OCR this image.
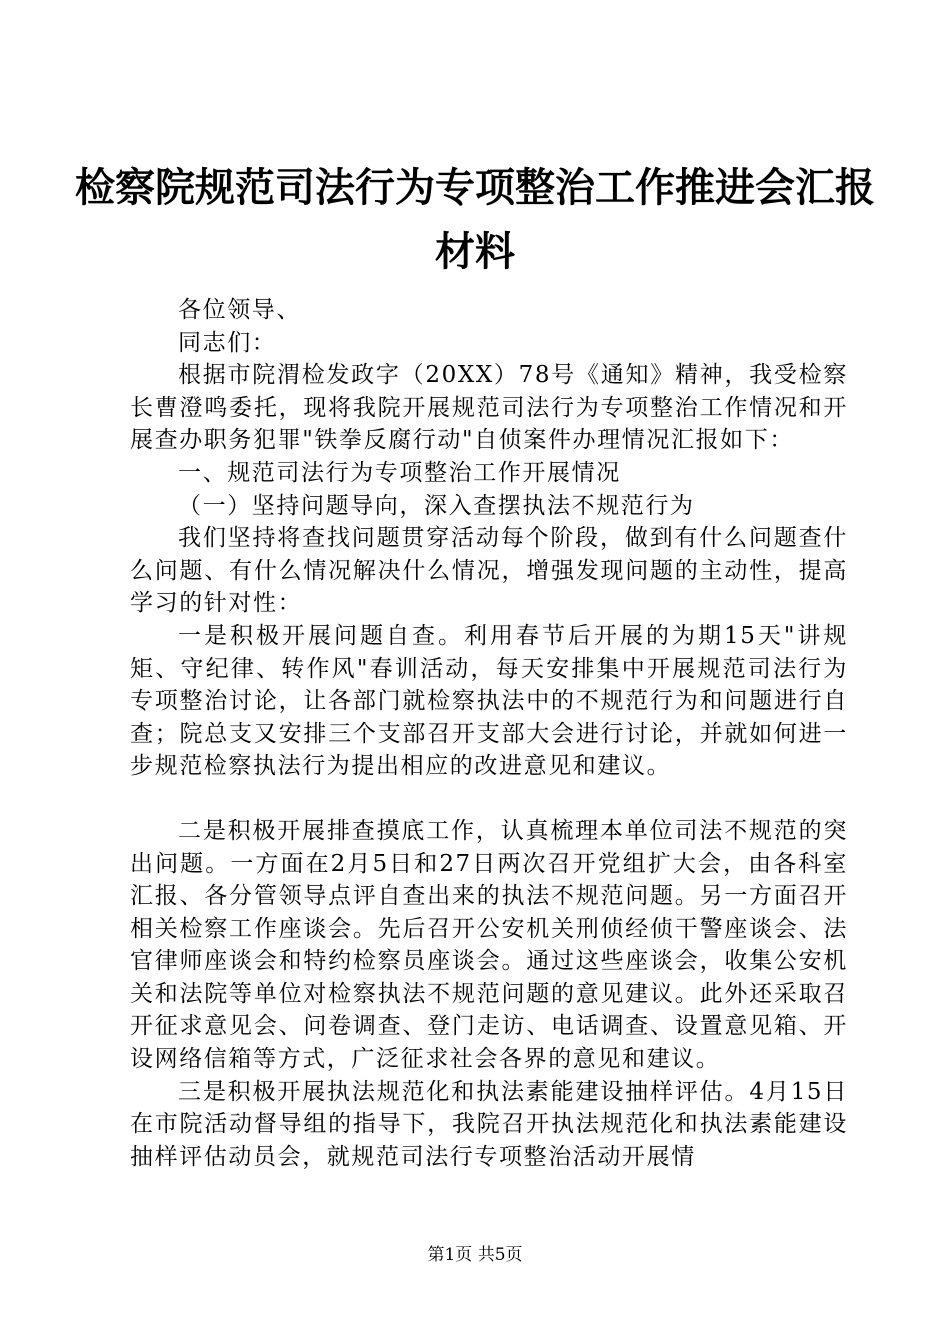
检察院规范司法行为专项整治工作推进会汇报
材料

各位领导、

同志们：

根据市院渭检发政字（20XX）78号《通知》精神，我受检察长曹澄鸣委托，现将我院开展规范司法行为专项整治工作情况和开展查办职务犯罪"铁拳反腐行动"自侦案件办理情况汇报如下：

一、规范司法行为专项整治工作开展情况

（一）坚持问题导向，深入查摆执法不规范行为

我们坚持将查找问题贯穿活动每个阶段，做到有什么问题查什么问题、有什么情况解决什么情况，增强发现问题的主动性，提高学习的针对性：

一是积极开展问题自查。利用春节后开展的为期15天"讲规矩、守纪律、转作风"春训活动，每天安排集中开展规范司法行为专项整治讨论，让各部门就检察执法中的不规范行为和问题进行自查；院总支又安排三个支部召开支部大会进行讨论，并就如何进一步规范检察执法行为提出相应的改进意见和建议。

二是积极开展排查摸底工作，认真梳理本单位司法不规范的突出问题。一方面在2月5日和27日两次召开党组扩大会，由各科室汇报、各分管领导点评自查出来的执法不规范问题。另一方面召开相关检察工作座谈会。先后召开公安机关刑侦经侦干警座谈会、法官律师座谈会和特约检察员座谈会。通过这些座谈会，收集公安机关和法院等单位对检察执法不规范问题的意见建议。此外还采取召开征求意见会、问卷调查、登门走访、电话调查、设置意见箱、开设网络信箱等方式，广泛征求社会各界的意见和建议。

三是积极开展执法规范化和执法素能建设抽样评估。4月15日在市院活动督导组的指导下，我院召开执法规范化和执法素能建设抽样评估动员会，就规范司法行专项整治活动开展情

第1页 共5页
